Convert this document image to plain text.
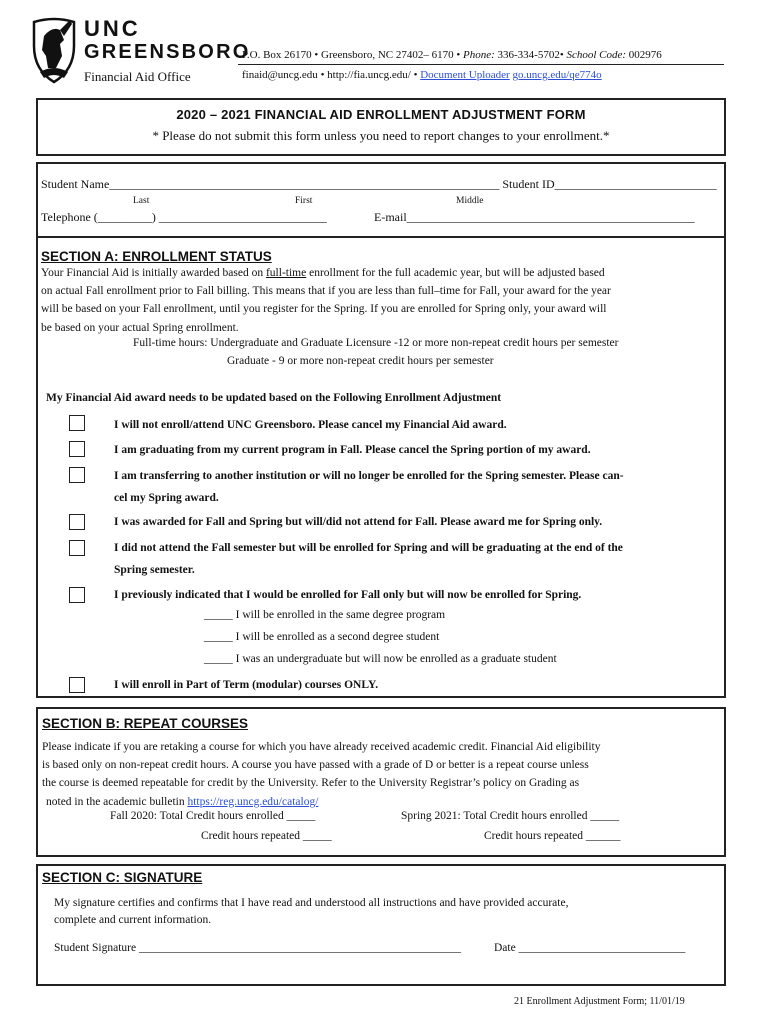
UNC
GREENSBORO
Financial Aid Office
P.O. Box 26170 • Greensboro, NC 27402– 6170 • Phone: 336-334-5702• School Code: 002976
finaid@uncg.edu • http://fia.uncg.edu/ • Document Uploader go.uncg.edu/qe774o
2020 – 2021 FINANCIAL AID ENROLLMENT ADJUSTMENT FORM
* Please do not submit this form unless you need to report changes to your enrollment.*
Student Name_________________________________________________________________ Student ID___________________________
Last	First	Middle
Telephone (_________) ____________________________	E-mail________________________________________________
SECTION A: ENROLLMENT STATUS
Your Financial Aid is initially awarded based on full-time enrollment for the full academic year, but will be adjusted based
on actual Fall enrollment prior to Fall billing. This means that if you are less than full–time for Fall, your award for the year
will be based on your Fall enrollment, until you register for the Spring. If you are enrolled for Spring only, your award will
be based on your actual Spring enrollment.
Full-time hours: Undergraduate and Graduate Licensure -12 or more non-repeat credit hours per semester
Graduate - 9 or more non-repeat credit hours per semester
My Financial Aid award needs to be updated based on the Following Enrollment Adjustment
I will not enroll/attend UNC Greensboro. Please cancel my Financial Aid award.
I am graduating from my current program in Fall. Please cancel the Spring portion of my award.
I am transferring to another institution or will no longer be enrolled for the Spring semester. Please can-
cel my Spring award.
I was awarded for Fall and Spring but will/did not attend for Fall. Please award me for Spring only.
I did not attend the Fall semester but will be enrolled for Spring and will be graduating at the end of the
Spring semester.
I previously indicated that I would be enrolled for Fall only but will now be enrolled for Spring.
_____ I will be enrolled in the same degree program
_____ I will be enrolled as a second degree student
_____ I was an undergraduate but will now be enrolled as a graduate student
I will enroll in Part of Term (modular) courses ONLY.
SECTION B: REPEAT COURSES
Please indicate if you are retaking a course for which you have already received academic credit. Financial Aid eligibility
is based only on non-repeat credit hours. A course you have passed with a grade of D or better is a repeat course unless
the course is deemed repeatable for credit by the University. Refer to the University Registrar’s policy on Grading as
noted in the academic bulletin https://reg.uncg.edu/catalog/
Fall 2020: Total Credit hours enrolled _____	Spring 2021: Total Credit hours enrolled _____
Credit hours repeated _____	Credit hours repeated ______
SECTION C: SIGNATURE
My signature certifies and confirms that I have read and understood all instructions and have provided accurate,
complete and current information.
Student Signature ________________________________________________________	Date _____________________________
21 Enrollment Adjustment Form; 11/01/19
